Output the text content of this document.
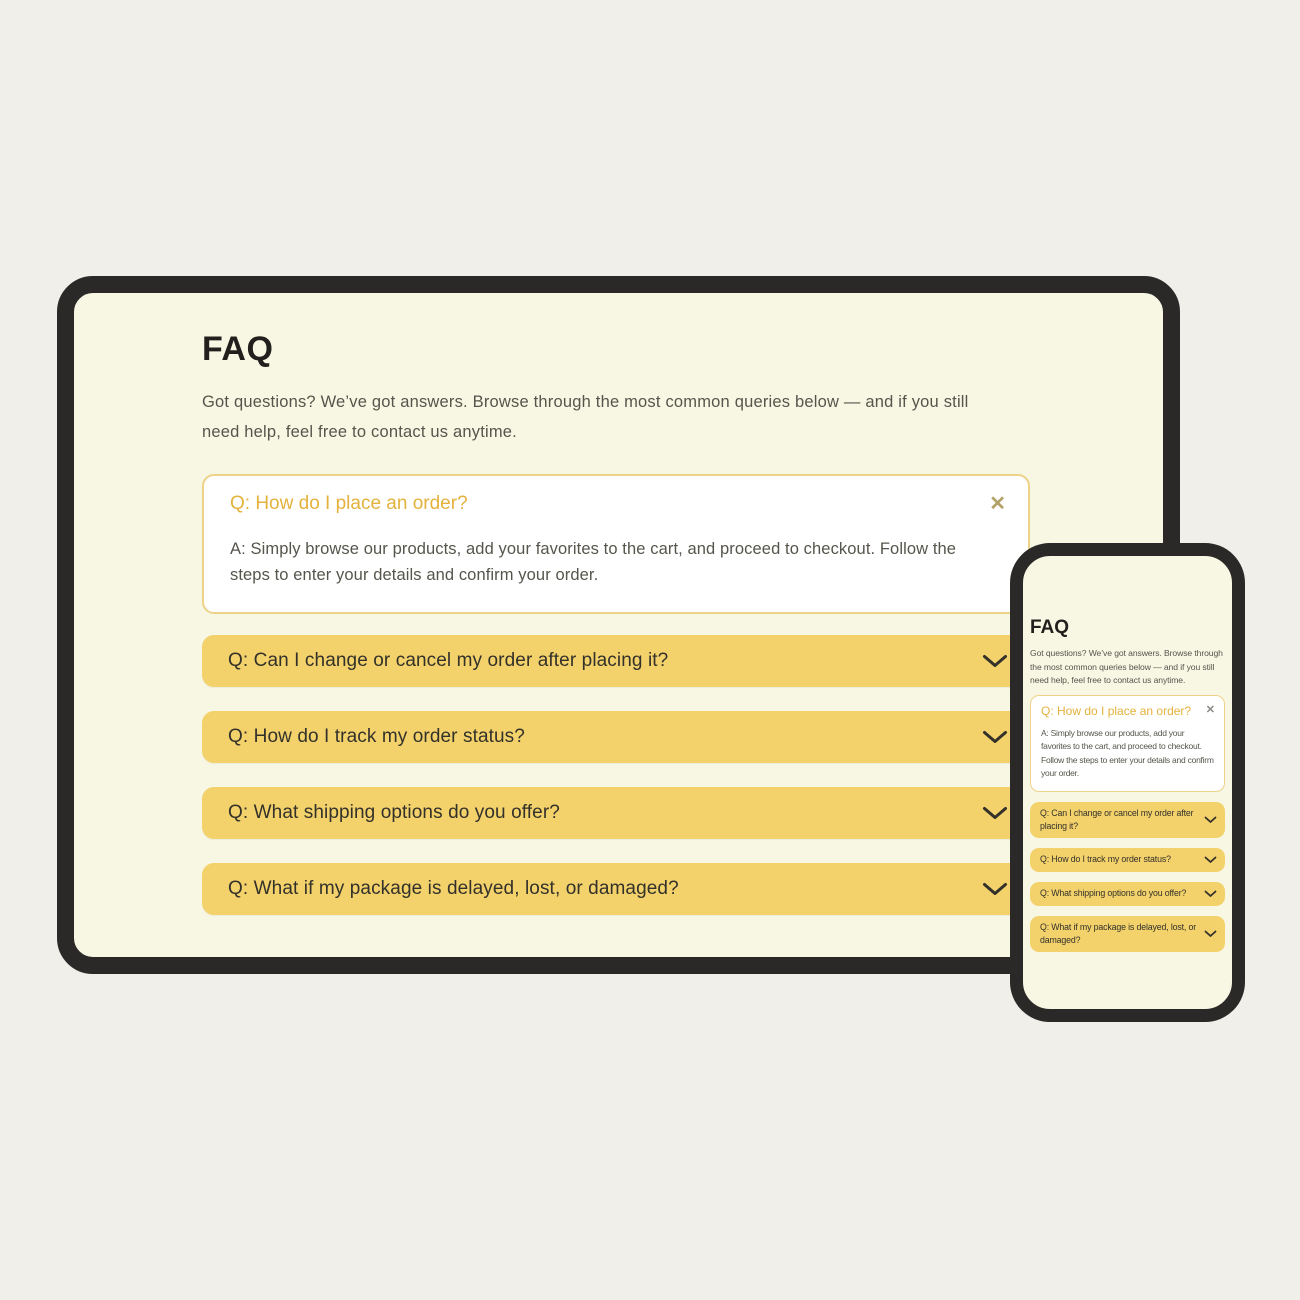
FAQ

Got questions? We’ve got answers. Browse through the most common queries below — and if you still need help, feel free to contact us anytime.

Q: How do I place an order?	✕

A: Simply browse our products, add your favorites to the cart, and proceed to checkout. Follow the steps to enter your details and confirm your order.

Q: Can I change or cancel my order after placing it?
Q: How do I track my order status?
Q: What shipping options do you offer?
Q: What if my package is delayed, lost, or damaged?
FAQ

Got questions? We’ve got answers. Browse through the most common queries below — and if you still need help, feel free to contact us anytime.

Q: How do I place an order? ✕

A: Simply browse our products, add your favorites to the cart, and proceed to checkout. Follow the steps to enter your details and confirm your order.

Q: Can I change or cancel my order after placing it?
Q: How do I track my order status?
Q: What shipping options do you offer?
Q: What if my package is delayed, lost, or damaged?
